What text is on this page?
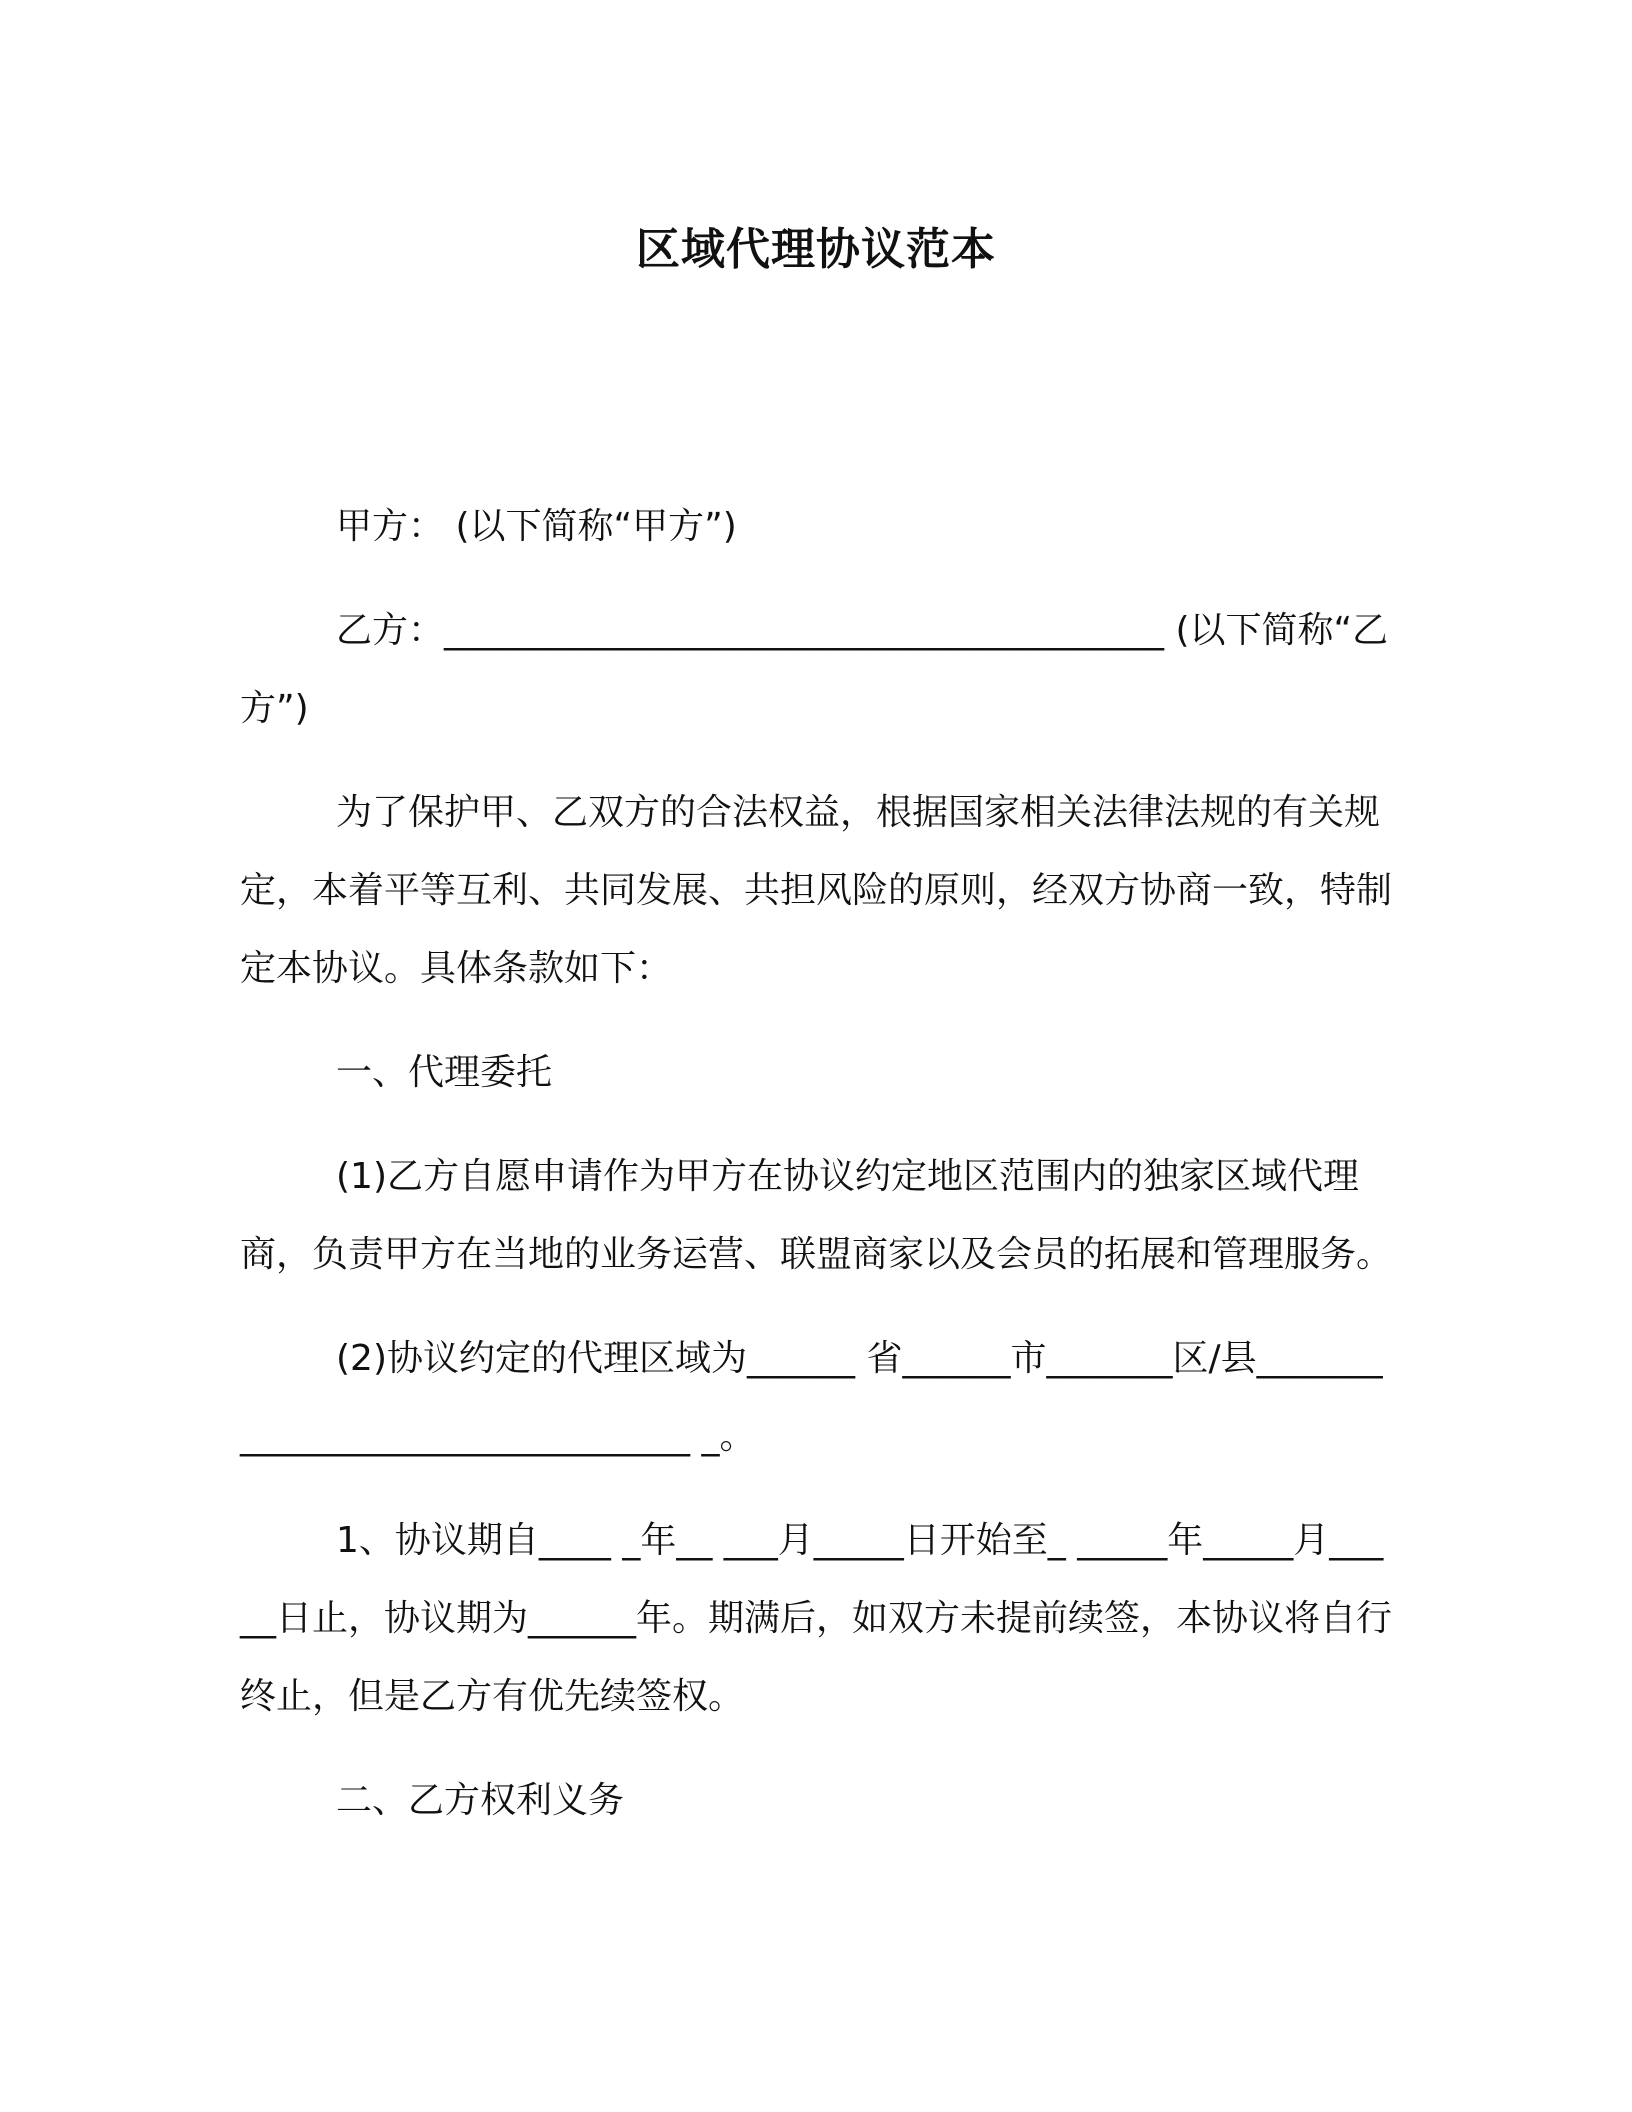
区域代理协议范本

甲方： (以下简称“甲方”)

乙方：________________________________________ (以下简称“乙方”)

为了保护甲、乙双方的合法权益，根据国家相关法律法规的有关规定，本着平等互利、共同发展、共担风险的原则，经双方协商一致，特制定本协议。具体条款如下：

一、代理委托

(1)乙方自愿申请作为甲方在协议约定地区范围内的独家区域代理商，负责甲方在当地的业务运营、联盟商家以及会员的拓展和管理服务。

(2)协议约定的代理区域为______ 省______市_______区/县________________________________ _。

1、协议期自____ _年__ ___月_____日开始至_ _____年_____月_____日止，协议期为______年。期满后，如双方未提前续签，本协议将自行终止，但是乙方有优先续签权。

二、乙方权利义务
